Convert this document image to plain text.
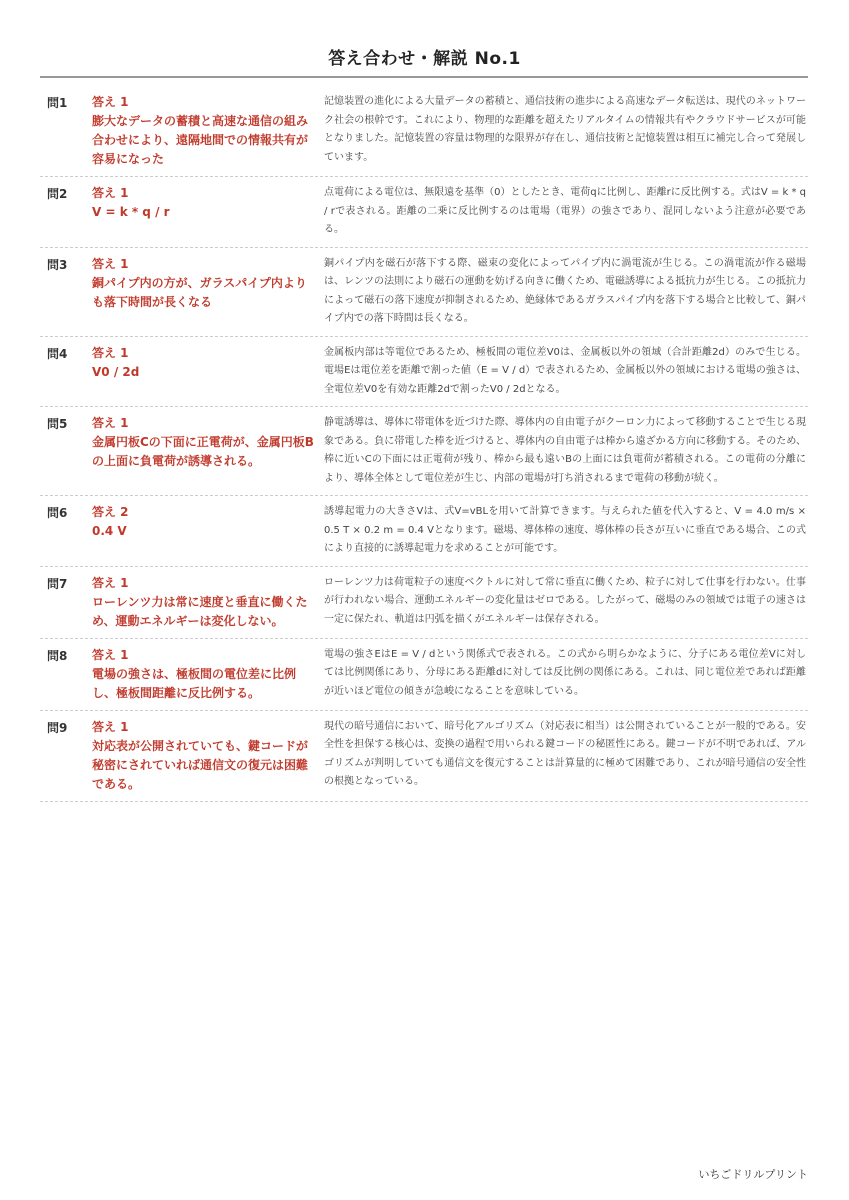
答え合わせ・解説 No.1
問1	答え 1
膨大なデータの蓄積と高速な通信の組み合わせにより、遠隔地間での情報共有が容易になった
記憶装置の進化による大量データの蓄積と、通信技術の進歩による高速なデータ転送は、現代のネットワーク社会の根幹です。これにより、物理的な距離を超えたリアルタイムの情報共有やクラウドサービスが可能となりました。記憶装置の容量は物理的な限界が存在し、通信技術と記憶装置は相互に補完し合って発展しています。
問2	答え 1
V = k * q / r
点電荷による電位は、無限遠を基準（0）としたとき、電荷qに比例し、距離rに反比例する。式はV = k * q / rで表される。距離の二乗に反比例するのは電場（電界）の強さであり、混同しないよう注意が必要である。
問3	答え 1
銅パイプ内の方が、ガラスパイプ内よりも落下時間が長くなる
銅パイプ内を磁石が落下する際、磁束の変化によってパイプ内に渦電流が生じる。この渦電流が作る磁場は、レンツの法則により磁石の運動を妨げる向きに働くため、電磁誘導による抵抗力が生じる。この抵抗力によって磁石の落下速度が抑制されるため、絶縁体であるガラスパイプ内を落下する場合と比較して、銅パイプ内での落下時間は長くなる。
問4	答え 1
V0 / 2d
金属板内部は等電位であるため、極板間の電位差V0は、金属板以外の領域（合計距離2d）のみで生じる。電場Eは電位差を距離で割った値（E = V / d）で表されるため、金属板以外の領域における電場の強さは、全電位差V0を有効な距離2dで割ったV0 / 2dとなる。
問5	答え 1
金属円板Cの下面に正電荷が、金属円板Bの上面に負電荷が誘導される。
静電誘導は、導体に帯電体を近づけた際、導体内の自由電子がクーロン力によって移動することで生じる現象である。負に帯電した棒を近づけると、導体内の自由電子は棒から遠ざかる方向に移動する。そのため、棒に近いCの下面には正電荷が残り、棒から最も遠いBの上面には負電荷が蓄積される。この電荷の分離により、導体全体として電位差が生じ、内部の電場が打ち消されるまで電荷の移動が続く。
問6	答え 2
0.4 V
誘導起電力の大きさVは、式V=vBLを用いて計算できます。与えられた値を代入すると、V = 4.0 m/s × 0.5 T × 0.2 m = 0.4 Vとなります。磁場、導体棒の速度、導体棒の長さが互いに垂直である場合、この式により直接的に誘導起電力を求めることが可能です。
問7	答え 1
ローレンツ力は常に速度と垂直に働くため、運動エネルギーは変化しない。
ローレンツ力は荷電粒子の速度ベクトルに対して常に垂直に働くため、粒子に対して仕事を行わない。仕事が行われない場合、運動エネルギーの変化量はゼロである。したがって、磁場のみの領域では電子の速さは一定に保たれ、軌道は円弧を描くがエネルギーは保存される。
問8	答え 1
電場の強さは、極板間の電位差に比例し、極板間距離に反比例する。
電場の強さEはE = V / dという関係式で表される。この式から明らかなように、分子にある電位差Vに対しては比例関係にあり、分母にある距離dに対しては反比例の関係にある。これは、同じ電位差であれば距離が近いほど電位の傾きが急峻になることを意味している。
問9	答え 1
対応表が公開されていても、鍵コードが秘密にされていれば通信文の復元は困難である。
現代の暗号通信において、暗号化アルゴリズム（対応表に相当）は公開されていることが一般的である。安全性を担保する核心は、変換の過程で用いられる鍵コードの秘匿性にある。鍵コードが不明であれば、アルゴリズムが判明していても通信文を復元することは計算量的に極めて困難であり、これが暗号通信の安全性の根拠となっている。
いちごドリルプリント
